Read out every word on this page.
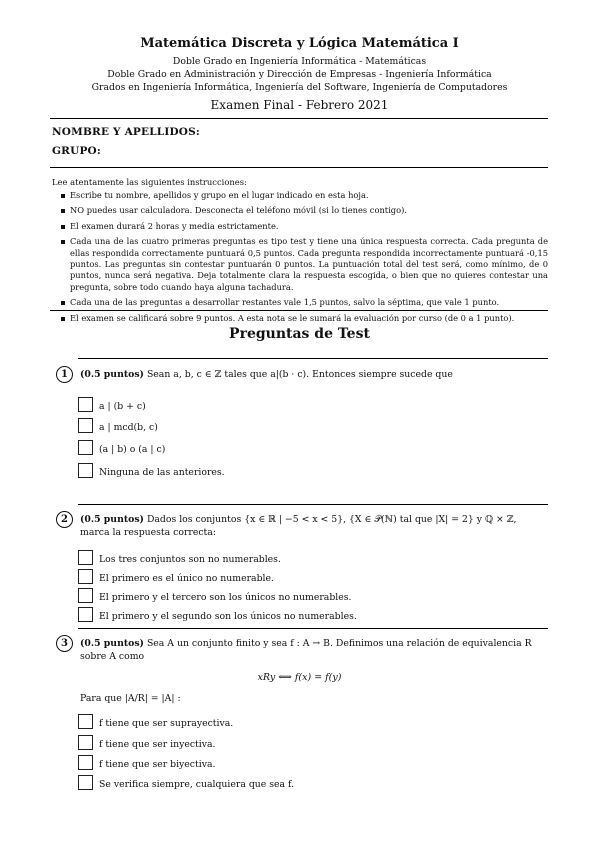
Matemática Discreta y Lógica Matemática I
Doble Grado en Ingeniería Informática - Matemáticas
Doble Grado en Administración y Dirección de Empresas - Ingeniería Informática
Grados en Ingeniería Informática, Ingeniería del Software, Ingeniería de Computadores
Examen Final - Febrero 2021
NOMBRE Y APELLIDOS:
GRUPO:
Lee atentamente las siguientes instrucciones:
Escribe tu nombre, apellidos y grupo en el lugar indicado en esta hoja.
NO puedes usar calculadora. Desconecta el teléfono móvil (si lo tienes contigo).
El examen durará 2 horas y media estrictamente.
Cada una de las cuatro primeras preguntas es tipo test y tiene una única respuesta correcta. Cada pregunta de ellas respondida correctamente puntuará 0,5 puntos. Cada pregunta respondida incorrectamente puntuará -0,15 puntos. Las preguntas sin contestar puntuarán 0 puntos. La puntuación total del test será, como mínimo, de 0 puntos, nunca será negativa. Deja totalmente clara la respuesta escogida, o bien que no quieres contestar una pregunta, sobre todo cuando haya alguna tachadura.
Cada una de las preguntas a desarrollar restantes vale 1,5 puntos, salvo la séptima, que vale 1 punto.
El examen se calificará sobre 9 puntos. A esta nota se le sumará la evaluación por curso (de 0 a 1 punto).
Preguntas de Test
1	(0.5 puntos) Sean a, b, c ∈ ℤ tales que a|(b · c). Entonces siempre sucede que
a | (b + c)
a | mcd(b, c)
(a | b) o (a | c)
Ninguna de las anteriores.
2	(0.5 puntos) Dados los conjuntos {x ∈ ℝ | −5 < x < 5}, {X ∈ 𝒫(ℕ) tal que |X| = 2} y ℚ × ℤ, marca la respuesta correcta:
Los tres conjuntos son no numerables.
El primero es el único no numerable.
El primero y el tercero son los únicos no numerables.
El primero y el segundo son los únicos no numerables.
3	(0.5 puntos) Sea A un conjunto finito y sea f : A → B. Definimos una relación de equivalencia R sobre A como
xRy ⟺ f(x) = f(y)
Para que |A/R| = |A| :
f tiene que ser suprayectiva.
f tiene que ser inyectiva.
f tiene que ser biyectiva.
Se verifica siempre, cualquiera que sea f.
